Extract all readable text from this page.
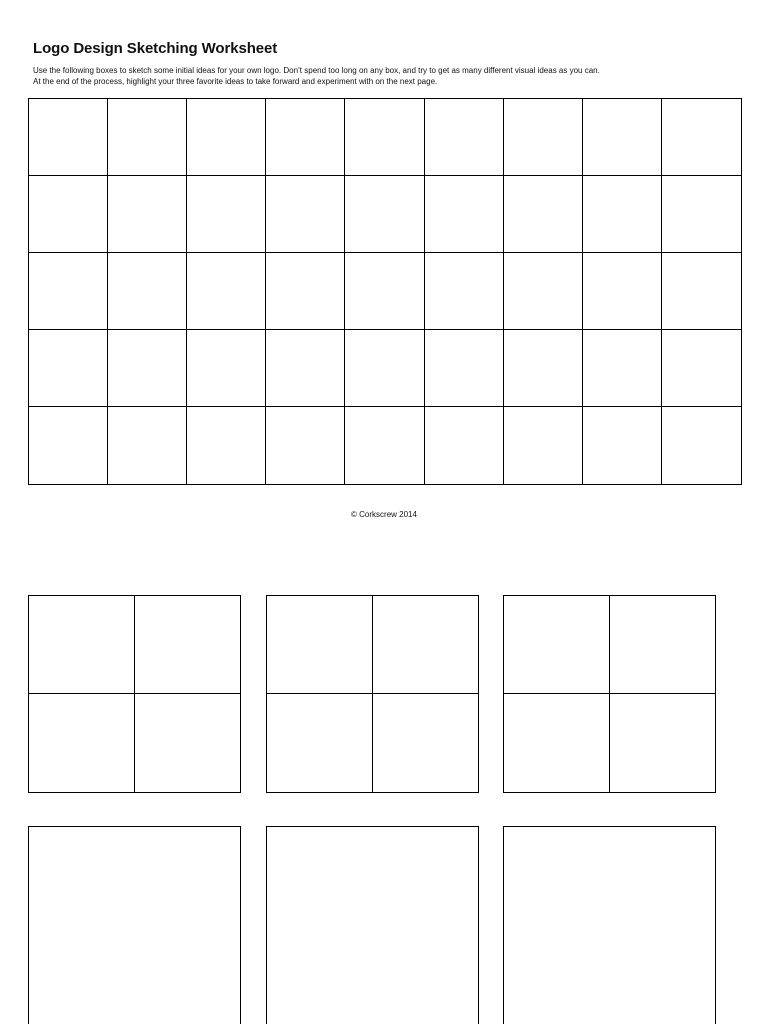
Logo Design Sketching Worksheet
Use the following boxes to sketch some initial ideas for your own logo. Don’t spend too long on any box, and try to get as many different visual ideas as you can.
At the end of the process, highlight your three favorite ideas to take forward and experiment with on the next page.
© Corkscrew 2014
